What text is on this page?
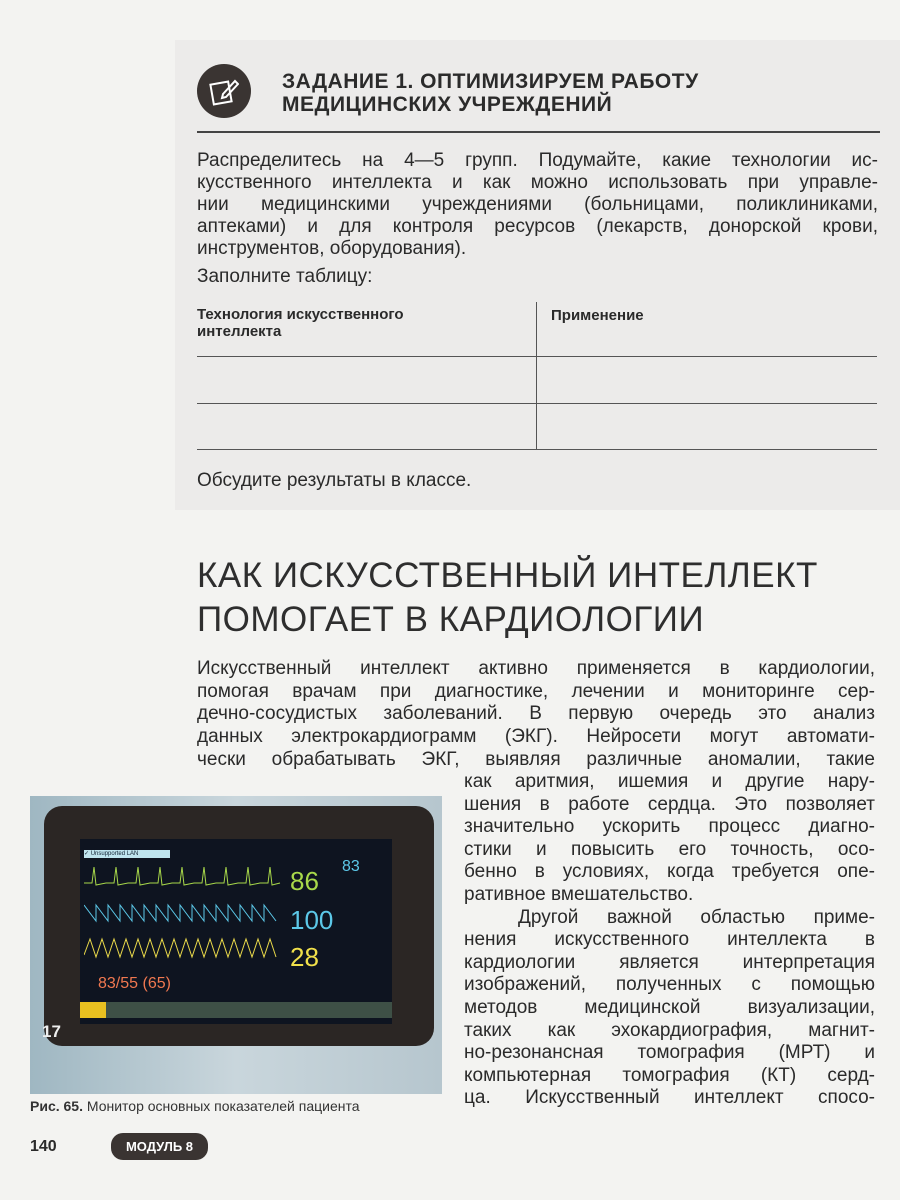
ЗАДАНИЕ 1. ОПТИМИЗИРУЕМ РАБОТУ
МЕДИЦИНСКИХ УЧРЕЖДЕНИЙ
Распределитесь на 4—5 групп. Подумайте, какие технологии ис-
кусственного интеллекта и как можно использовать при управле-
нии медицинскими учреждениями (больницами, поликлиниками,
аптеками) и для контроля ресурсов (лекарств, донорской крови,
инструментов, оборудования).
Заполните таблицу:
Технология искусственного
интеллекта
Применение
Обсудите результаты в классе.
КАК ИСКУССТВЕННЫЙ ИНТЕЛЛЕКТ
ПОМОГАЕТ В КАРДИОЛОГИИ
✓ Unsupported LAN
86 83
100
28
83/55 (65)
17
Рис. 65. Монитор основных показателей пациента
140	МОДУЛЬ 8
Искусственный интеллект активно применяется в кардиологии,
помогая врачам при диагностике, лечении и мониторинге сер-
дечно-сосудистых заболеваний. В первую очередь это анализ
данных электрокардиограмм (ЭКГ). Нейросети могут автомати-
чески обрабатывать ЭКГ, выявляя различные аномалии, такие
как аритмия, ишемия и другие нару-
шения в работе сердца. Это позволяет
значительно ускорить процесс диагно-
стики и повысить его точность, осо-
бенно в условиях, когда требуется опе-
ративное вмешательство.
Другой важной областью приме-
нения искусственного интеллекта в
кардиологии является интерпретация
изображений, полученных с помощью
методов медицинской визуализации,
таких как эхокардиография, магнит-
но-резонансная томография (МРТ) и
компьютерная томография (КТ) серд-
ца. Искусственный интеллект спосо-
